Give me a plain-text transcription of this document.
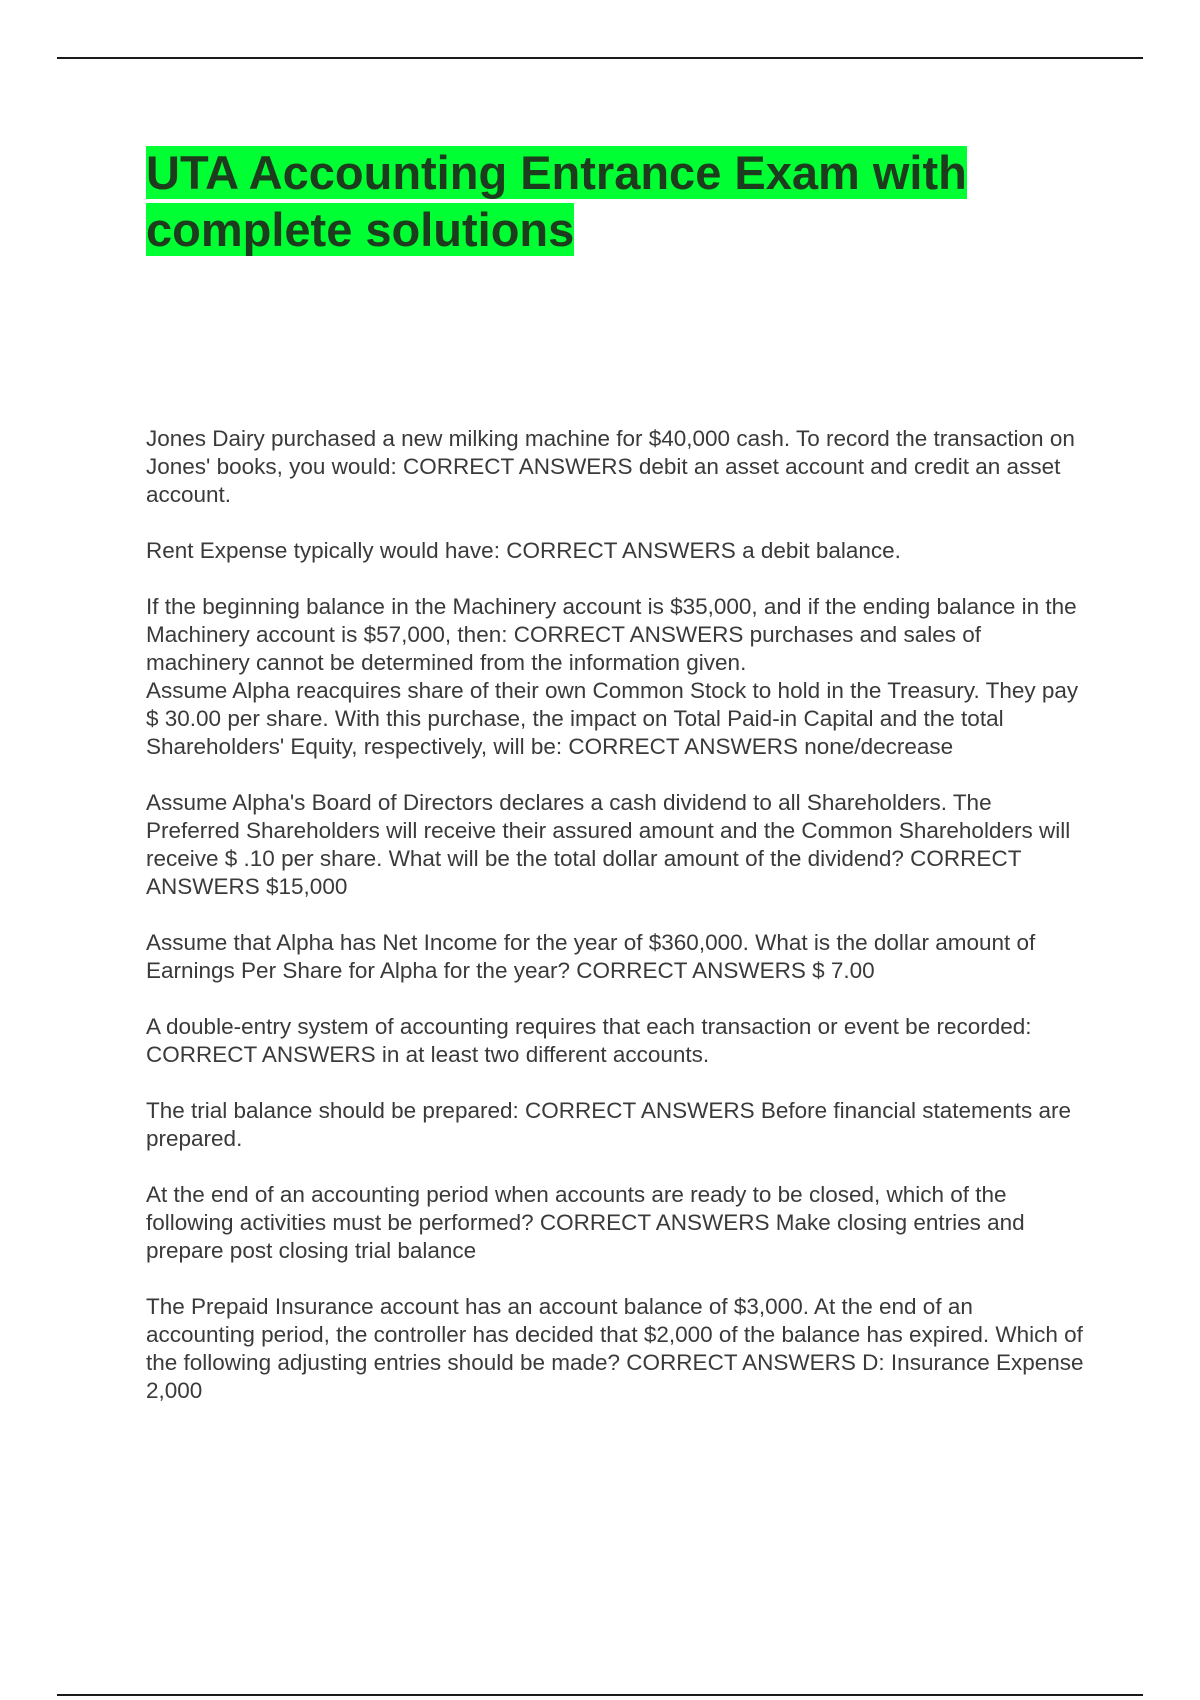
UTA Accounting Entrance Exam with complete solutions

Jones Dairy purchased a new milking machine for $40,000 cash. To record the transaction on Jones' books, you would: CORRECT ANSWERS debit an asset account and credit an asset account.

Rent Expense typically would have: CORRECT ANSWERS a debit balance.

If the beginning balance in the Machinery account is $35,000, and if the ending balance in the Machinery account is $57,000, then: CORRECT ANSWERS purchases and sales of machinery cannot be determined from the information given.

Assume Alpha reacquires share of their own Common Stock to hold in the Treasury. They pay $ 30.00 per share. With this purchase, the impact on Total Paid-in Capital and the total Shareholders' Equity, respectively, will be: CORRECT ANSWERS none/decrease

Assume Alpha's Board of Directors declares a cash dividend to all Shareholders. The Preferred Shareholders will receive their assured amount and the Common Shareholders will receive $ .10 per share. What will be the total dollar amount of the dividend? CORRECT ANSWERS $15,000

Assume that Alpha has Net Income for the year of $360,000. What is the dollar amount of Earnings Per Share for Alpha for the year? CORRECT ANSWERS $ 7.00

A double-entry system of accounting requires that each transaction or event be recorded: CORRECT ANSWERS in at least two different accounts.

The trial balance should be prepared: CORRECT ANSWERS Before financial statements are prepared.

At the end of an accounting period when accounts are ready to be closed, which of the following activities must be performed? CORRECT ANSWERS Make closing entries and prepare post closing trial balance

The Prepaid Insurance account has an account balance of $3,000. At the end of an accounting period, the controller has decided that $2,000 of the balance has expired. Which of the following adjusting entries should be made? CORRECT ANSWERS D: Insurance Expense 2,000
